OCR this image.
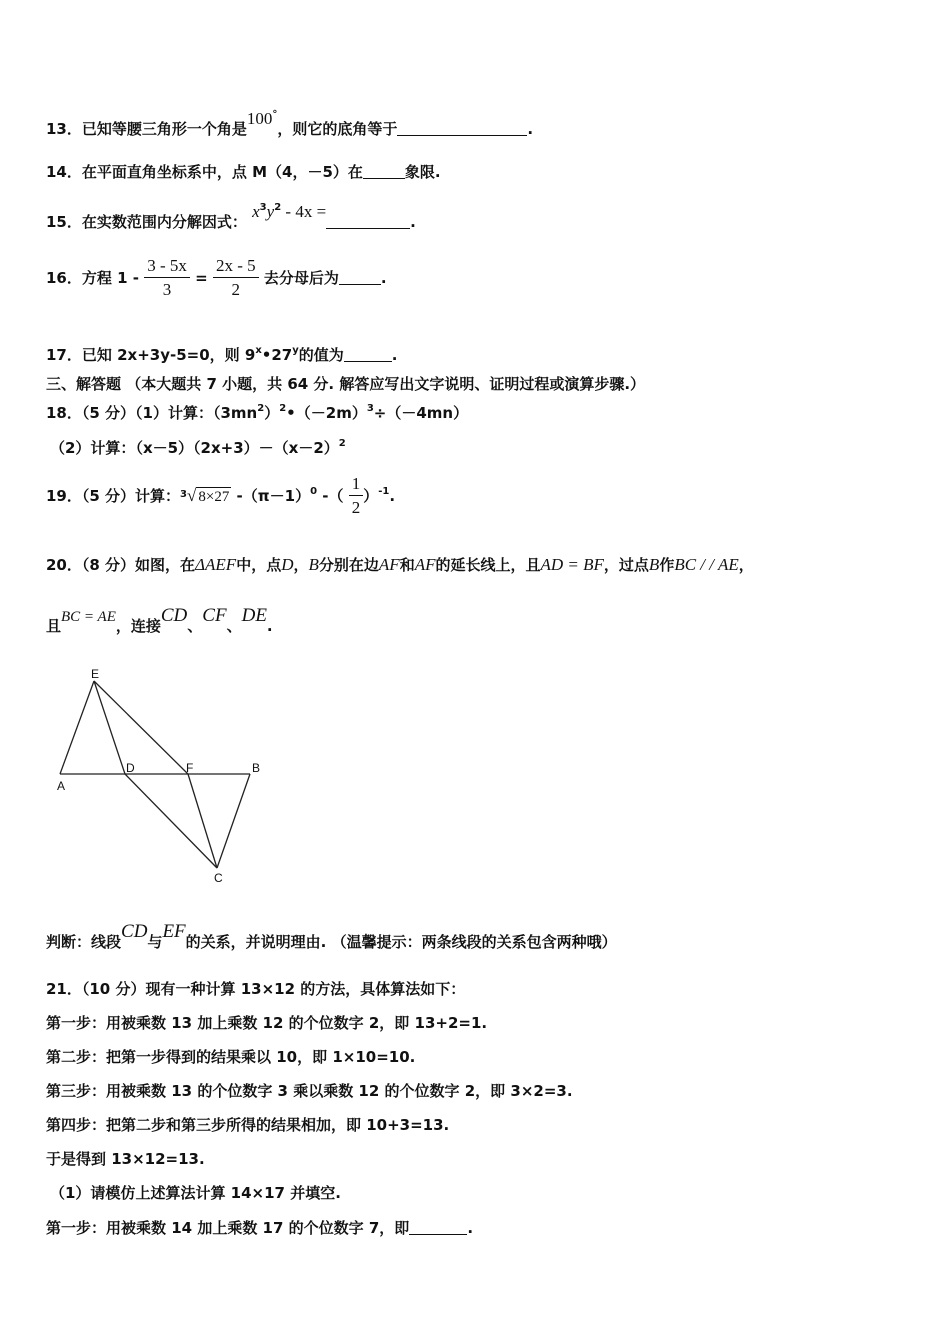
13．已知等腰三角形一个角是100°，则它的底角等于	.
14．在平面直角坐标系中，点 M（4，－5）在	象限.
15．在实数范围内分解因式： $x^3y^2 - 4x$ =.
16．方程 $1 - \frac{3 - 5x}{3} = \frac{2x - 5}{2}$ 去分母后为	.
17．已知 2x+3y-5=0，则 9$^x$•27$^y$的值为	.
三、解答题 （本大题共 7 小题，共 64 分. 解答应写出文字说明、证明过程或演算步骤.）
18．（5 分）（1）计算：$(3mn^2)^2•(-2m)^3\div(-4mn)$
（2）计算：$(x-5)(2x+3)-(x-2)^2$
19．（5 分）计算：$^3$√ 8×27 $-(\pi-1)^0$ -（ $\frac{1}{2} )^{-1}$.
20．（8 分）如图，在ΔAEF中，点D，B分别在边AF和AF的延长线上，且AD = BF，过点B作BC / / AE，
且BC = AE，连接CD、CF、DE.
E
A
D	F	B
C
判断：线段CD与EF的关系，并说明理由. （温馨提示：两条线段的关系包含两种哦）
21．（10 分）现有一种计算 13×12 的方法，具体算法如下：
第一步：用被乘数 13 加上乘数 12 的个位数字 2，即 13+2=1.
第二步：把第一步得到的结果乘以 10，即 1×10=10.
第三步：用被乘数 13 的个位数字 3 乘以乘数 12 的个位数字 2，即 3×2=3.
第四步：把第二步和第三步所得的结果相加，即 10+3=13.
于是得到 13×12=13.
（1）请模仿上述算法计算 14×17 并填空.
第一步：用被乘数 14 加上乘数 17 的个位数字 7，即	.
